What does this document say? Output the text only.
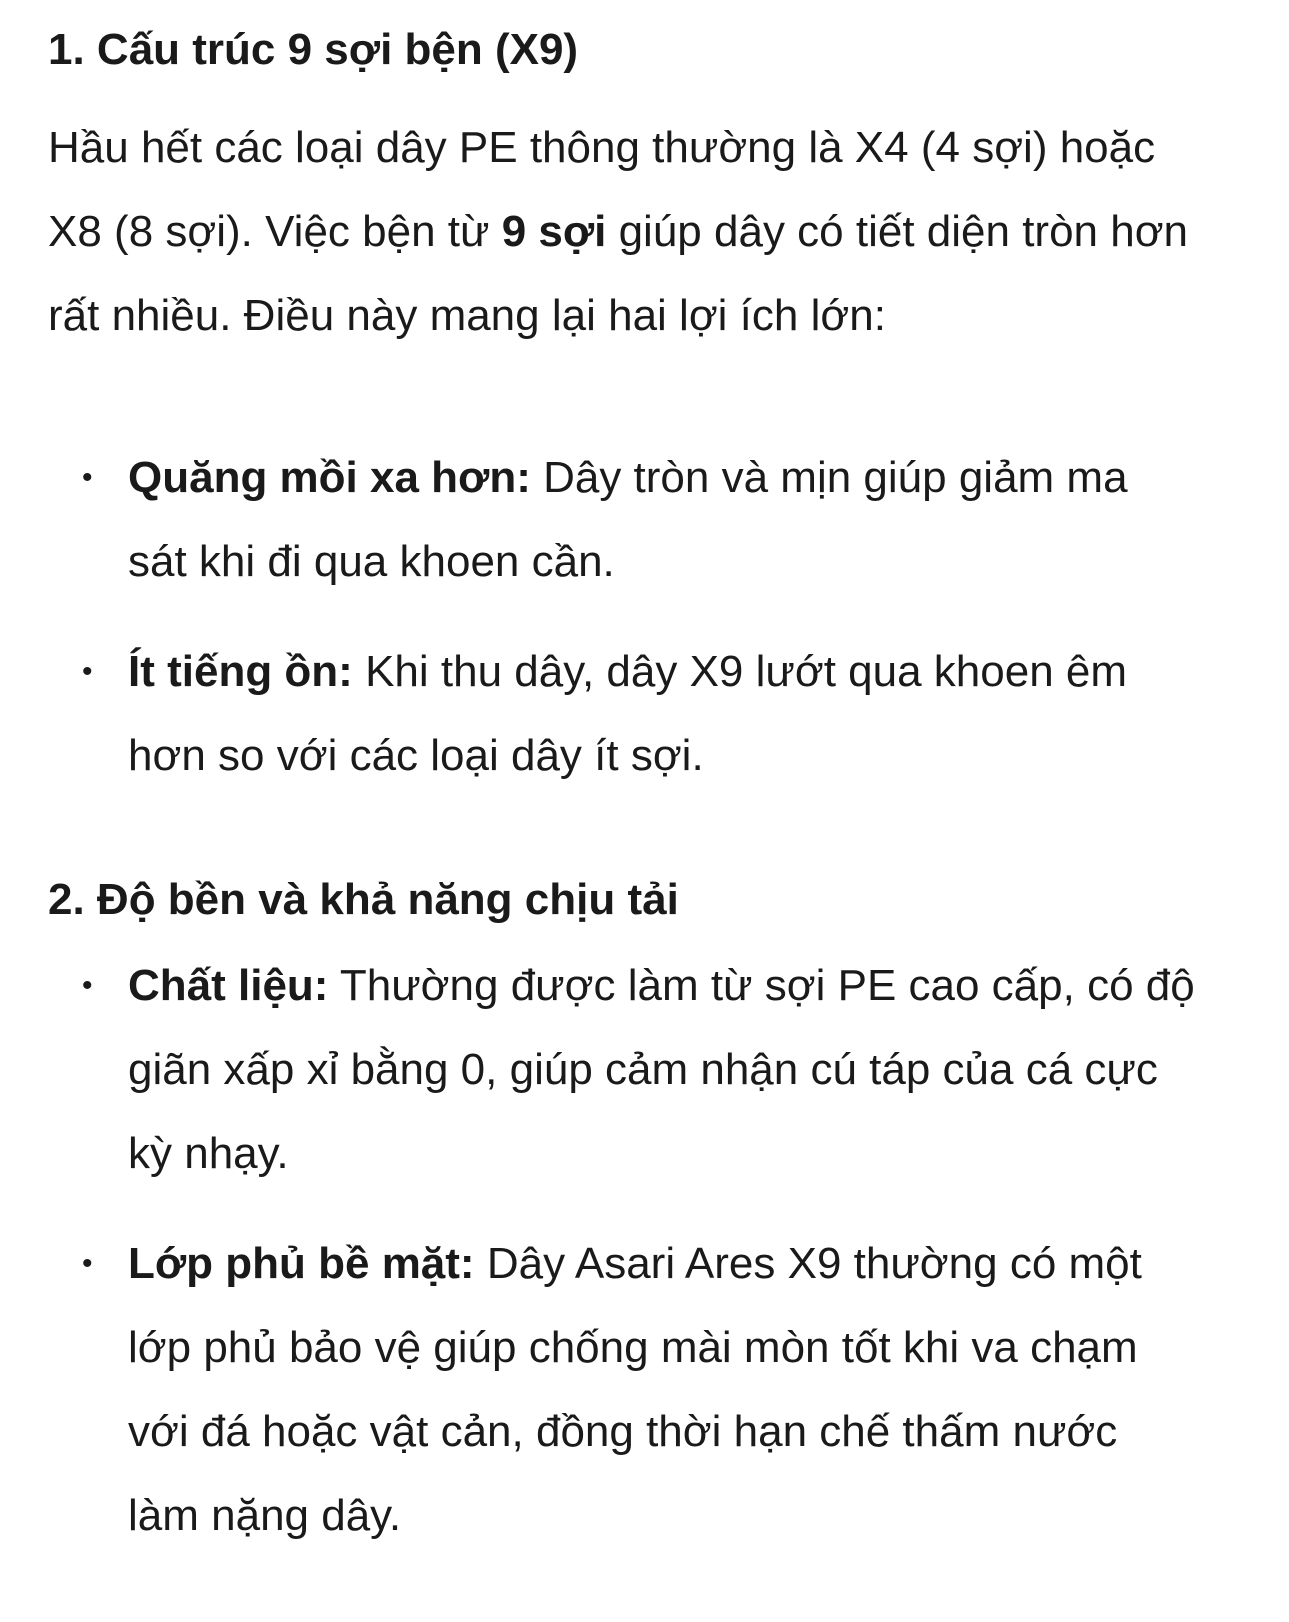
1. Cấu trúc 9 sợi bện (X9)

Hầu hết các loại dây PE thông thường là X4 (4 sợi) hoặc X8 (8 sợi). Việc bện từ 9 sợi giúp dây có tiết diện tròn hơn rất nhiều. Điều này mang lại hai lợi ích lớn:

• Quăng mồi xa hơn: Dây tròn và mịn giúp giảm ma sát khi đi qua khoen cần.
• Ít tiếng ồn: Khi thu dây, dây X9 lướt qua khoen êm hơn so với các loại dây ít sợi.
2. Độ bền và khả năng chịu tải
• Chất liệu: Thường được làm từ sợi PE cao cấp, có độ giãn xấp xỉ bằng 0, giúp cảm nhận cú táp của cá cực kỳ nhạy.
• Lớp phủ bề mặt: Dây Asari Ares X9 thường có một lớp phủ bảo vệ giúp chống mài mòn tốt khi va chạm với đá hoặc vật cản, đồng thời hạn chế thấm nước làm nặng dây.
